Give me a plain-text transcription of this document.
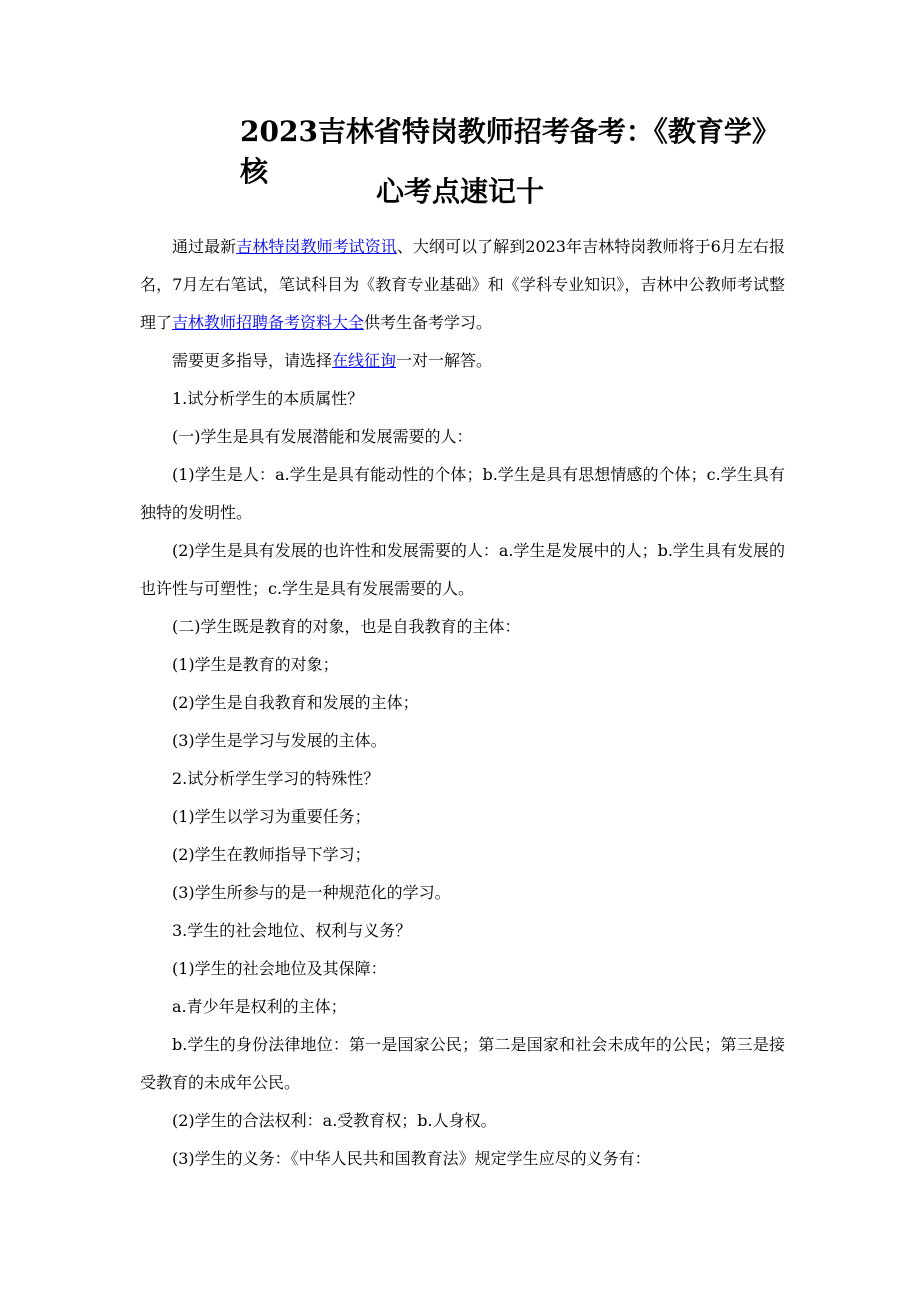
2023吉林省特岗教师招考备考：《教育学》核
心考点速记十

通过最新吉林特岗教师考试资讯、大纲可以了解到2023年吉林特岗教师将于6月左右报名，7月左右笔试，笔试科目为《教育专业基础》和《学科专业知识》，吉林中公教师考试整理了吉林教师招聘备考资料大全供考生备考学习。

需要更多指导，请选择在线征询一对一解答。

1.试分析学生的本质属性？

(一)学生是具有发展潜能和发展需要的人：

(1)学生是人：a.学生是具有能动性的个体；b.学生是具有思想情感的个体；c.学生具有独特的发明性。

(2)学生是具有发展的也许性和发展需要的人：a.学生是发展中的人；b.学生具有发展的也许性与可塑性；c.学生是具有发展需要的人。

(二)学生既是教育的对象，也是自我教育的主体：

(1)学生是教育的对象；

(2)学生是自我教育和发展的主体；

(3)学生是学习与发展的主体。

2.试分析学生学习的特殊性？

(1)学生以学习为重要任务；

(2)学生在教师指导下学习；

(3)学生所参与的是一种规范化的学习。

3.学生的社会地位、权利与义务？

(1)学生的社会地位及其保障：

a.青少年是权利的主体；

b.学生的身份法律地位：第一是国家公民；第二是国家和社会未成年的公民；第三是接受教育的未成年公民。

(2)学生的合法权利：a.受教育权；b.人身权。

(3)学生的义务：《中华人民共和国教育法》规定学生应尽的义务有：
